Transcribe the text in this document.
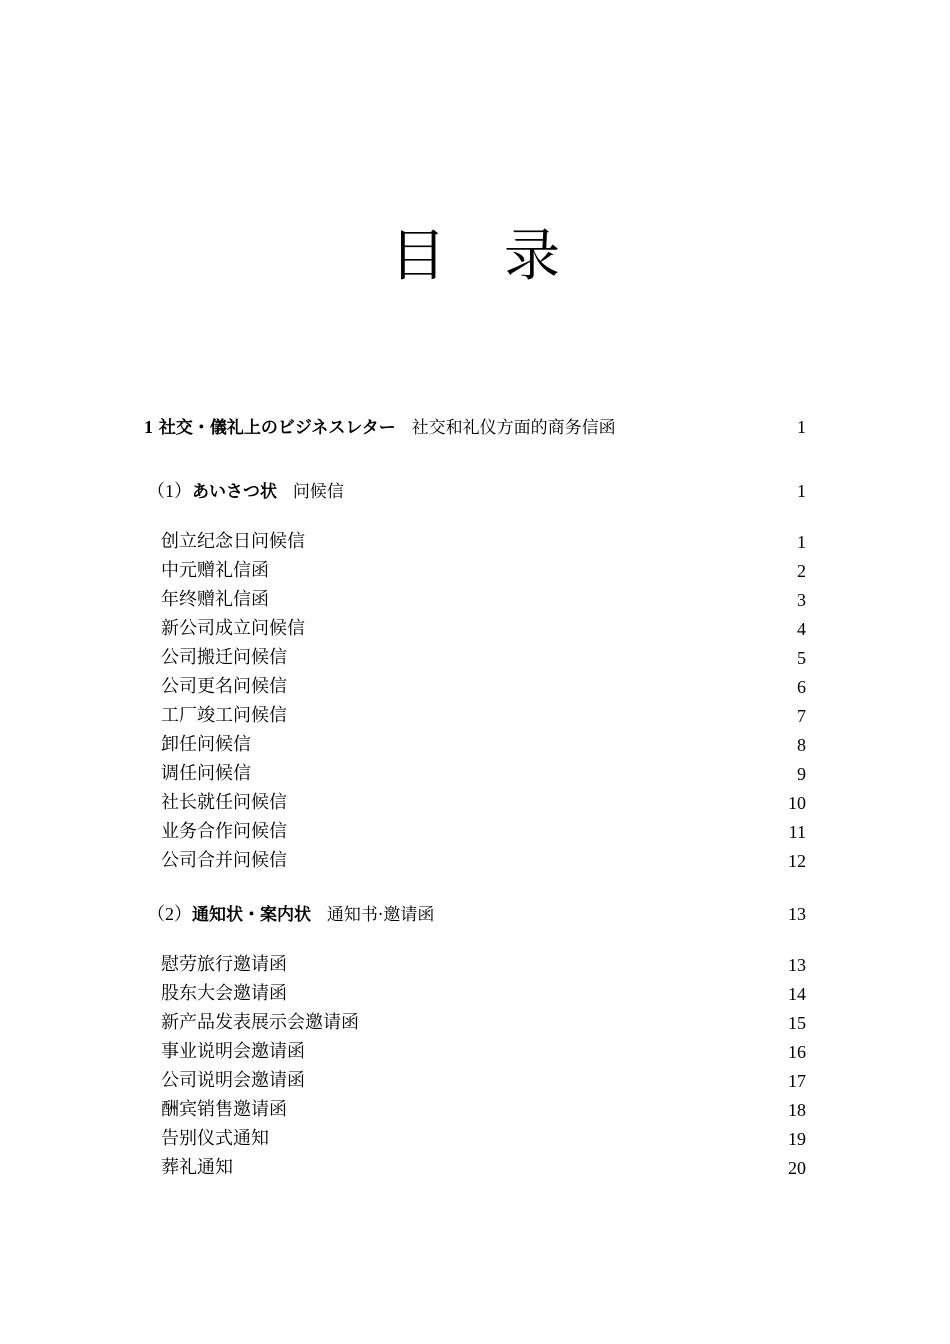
目 录
1 社交・儀礼上のビジネスレター 社交和礼仪方面的商务信函	1
（1）あいさつ状 问候信	1
创立纪念日问候信	1
中元赠礼信函	2
年终赠礼信函	3
新公司成立问候信	4
公司搬迁问候信	5
公司更名问候信	6
工厂竣工问候信	7
卸任问候信	8
调任问候信	9
社长就任问候信	10
业务合作问候信	11
公司合并问候信	12
（2）通知状・案内状 通知书·邀请函	13
慰劳旅行邀请函	13
股东大会邀请函	14
新产品发表展示会邀请函	15
事业说明会邀请函	16
公司说明会邀请函	17
酬宾销售邀请函	18
告别仪式通知	19
葬礼通知	20
